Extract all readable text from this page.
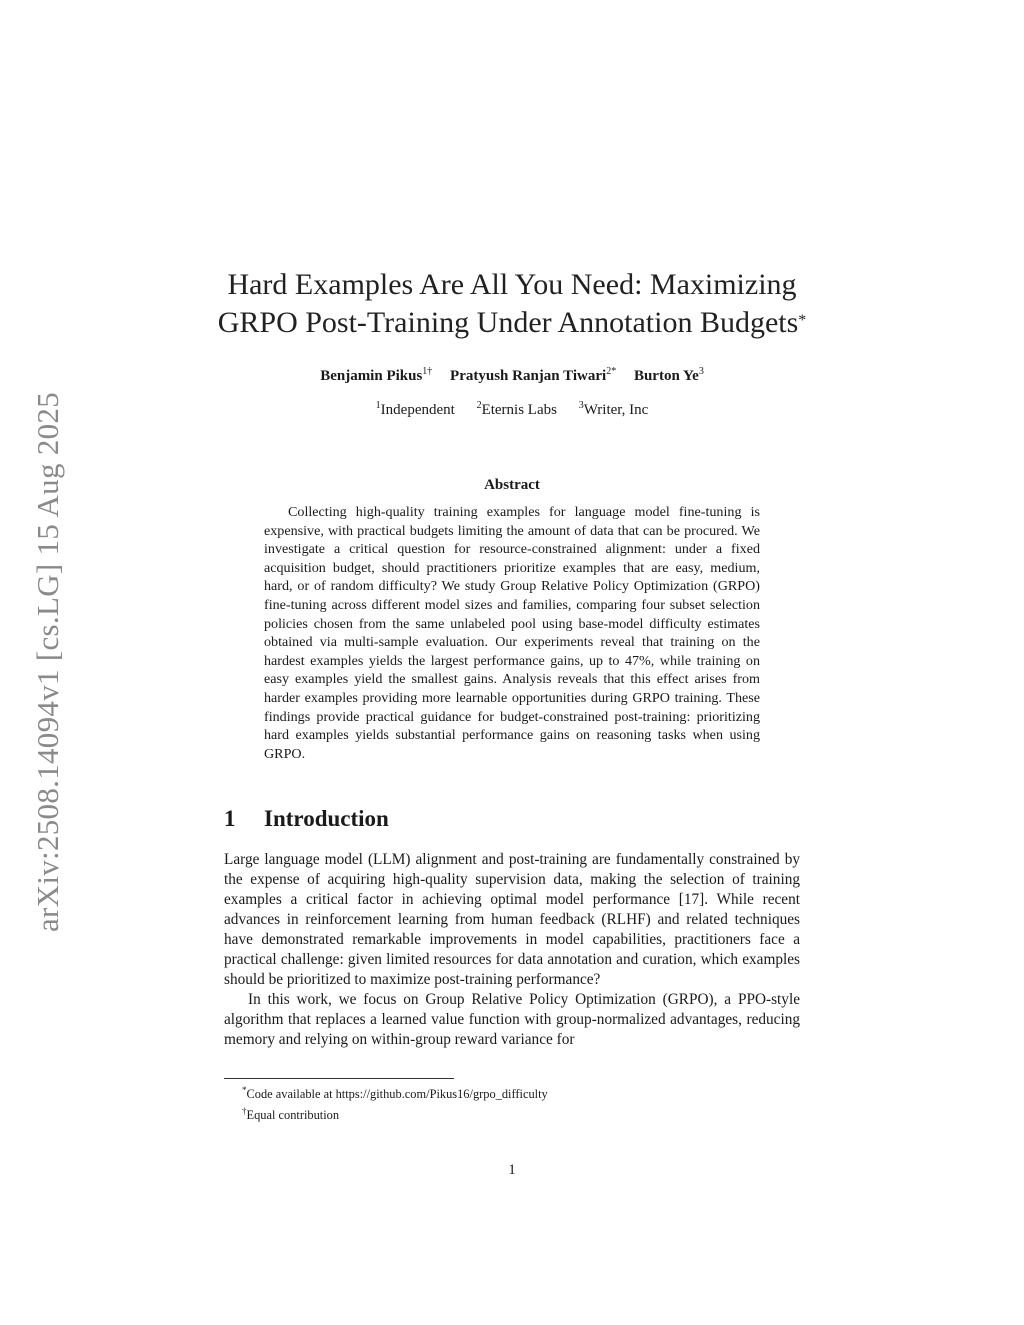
arXiv:2508.14094v1 [cs.LG] 15 Aug 2025
Hard Examples Are All You Need: Maximizing
GRPO Post-Training Under Annotation Budgets*
Benjamin Pikus$^{1\dagger}$ Pratyush Ranjan Tiwari$^{2*}$ Burton Ye$^3$
$^1$Independent $^2$Eternis Labs $^3$Writer, Inc
Abstract

Collecting high-quality training examples for language model fine-tuning is expensive, with practical budgets limiting the amount of data that can be procured. We investigate a critical question for resource-constrained alignment: under a fixed acquisition budget, should practitioners prioritize examples that are easy, medium, hard, or of random difficulty? We study Group Relative Policy Optimization (GRPO) fine-tuning across different model sizes and families, comparing four subset selection policies chosen from the same unlabeled pool using base-model difficulty estimates obtained via multi-sample evaluation. Our experiments reveal that training on the hardest examples yields the largest performance gains, up to 47%, while training on easy examples yield the smallest gains. Analysis reveals that this effect arises from harder examples providing more learnable opportunities during GRPO training. These findings provide practical guidance for budget-constrained post-training: prioritizing hard examples yields substantial performance gains on reasoning tasks when using GRPO.

1 Introduction

Large language model (LLM) alignment and post-training are fundamentally constrained by the expense of acquiring high-quality supervision data, making the selection of training examples a critical factor in achieving optimal model performance [17]. While recent advances in reinforcement learning from human feedback (RLHF) and related techniques have demonstrated remarkable improvements in model capabilities, practitioners face a practical challenge: given limited resources for data annotation and curation, which examples should be prioritized to maximize post-training performance?

In this work, we focus on Group Relative Policy Optimization (GRPO), a PPO-style algorithm that replaces a learned value function with group-normalized advantages, reducing memory and relying on within-group reward variance for

*Code available at https://github.com/Pikus16/grpo_difficulty
†Equal contribution
1
